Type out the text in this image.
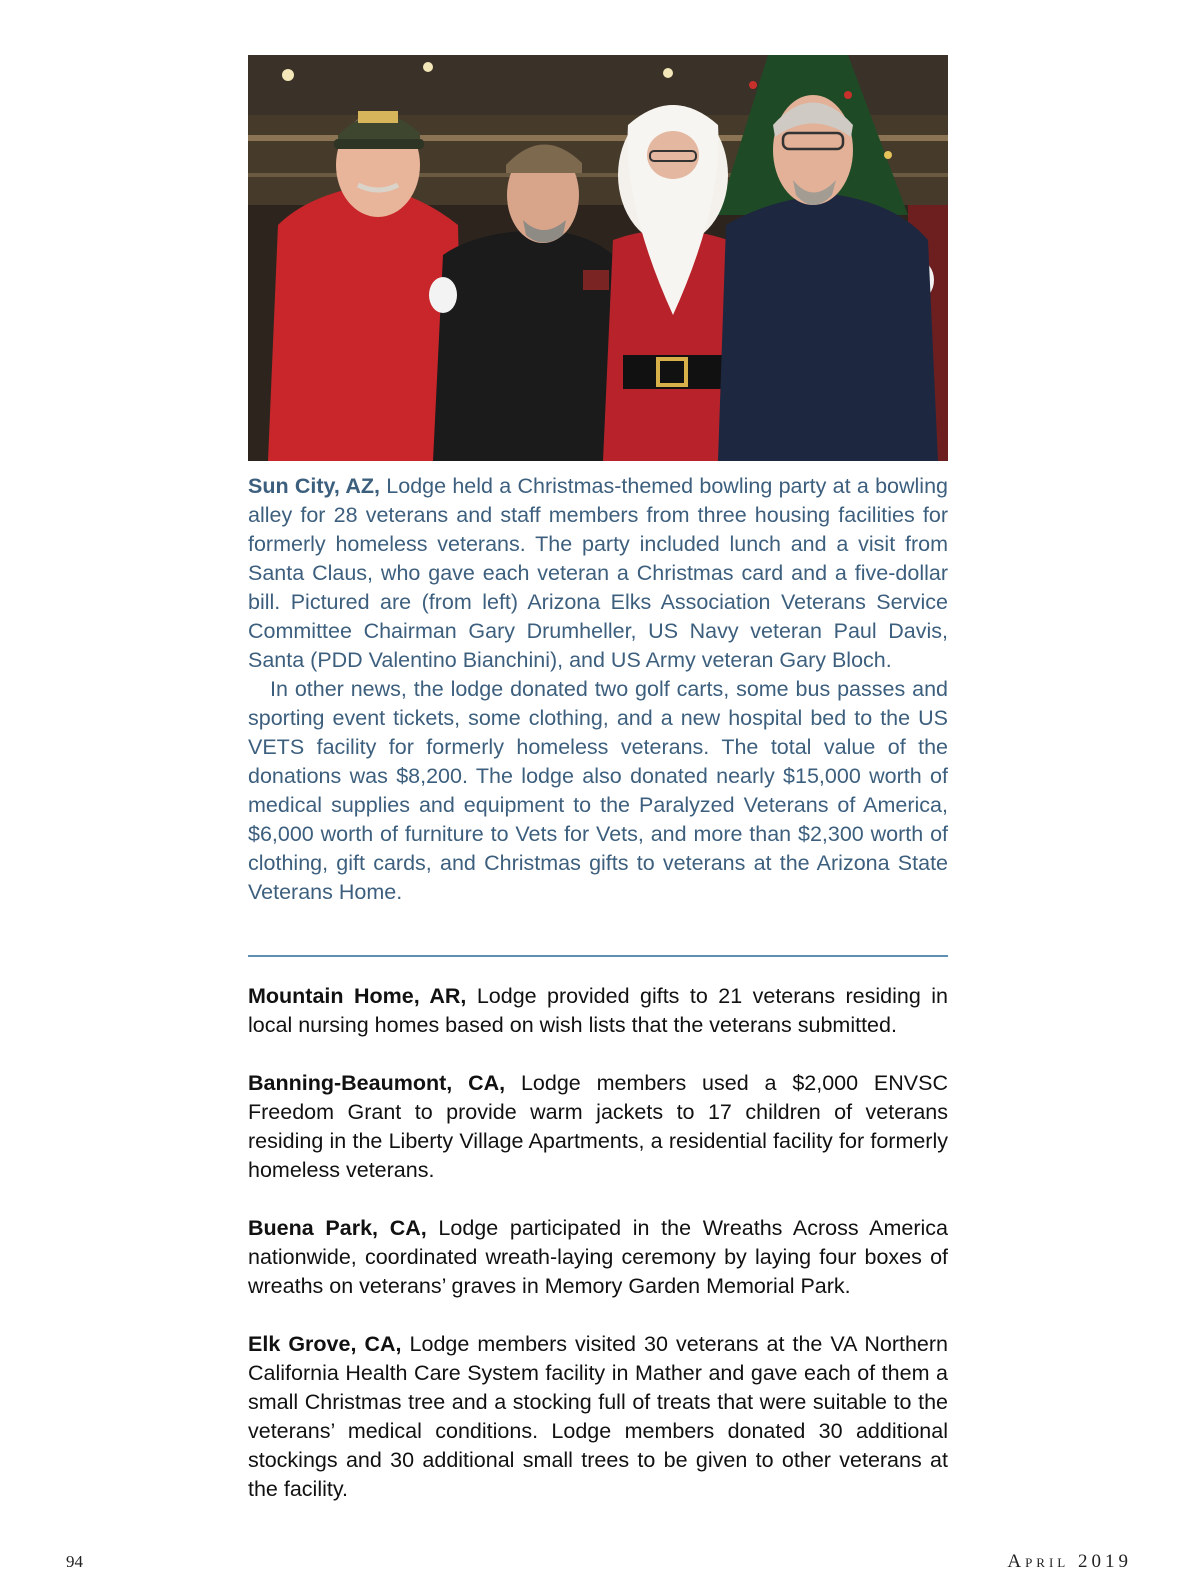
Sun City, AZ, Lodge held a Christmas-themed bowling party at a bowling alley for 28 veterans and staff members from three housing facilities for formerly homeless veterans. The party included lunch and a visit from Santa Claus, who gave each veteran a Christmas card and a five-dollar bill. Pictured are (from left) Arizona Elks Association Veterans Service Committee Chairman Gary Drumheller, US Navy veteran Paul Davis, Santa (PDD Valentino Bianchini), and US Army veteran Gary Bloch.

In other news, the lodge donated two golf carts, some bus passes and sporting event tickets, some clothing, and a new hospital bed to the US VETS facility for formerly homeless veterans. The total value of the donations was $8,200. The lodge also donated nearly $15,000 worth of medical supplies and equipment to the Paralyzed Veterans of America, $6,000 worth of furniture to Vets for Vets, and more than $2,300 worth of clothing, gift cards, and Christmas gifts to veterans at the Arizona State Veterans Home.

Mountain Home, AR, Lodge provided gifts to 21 veterans residing in local nursing homes based on wish lists that the veterans submitted.

Banning-Beaumont, CA, Lodge members used a $2,000 ENVSC Freedom Grant to provide warm jackets to 17 children of veterans residing in the Liberty Village Apartments, a residential facility for formerly homeless veterans.

Buena Park, CA, Lodge participated in the Wreaths Across America nationwide, coordinated wreath-laying ceremony by laying four boxes of wreaths on veterans’ graves in Memory Garden Memorial Park.

Elk Grove, CA, Lodge members visited 30 veterans at the VA Northern California Health Care System facility in Mather and gave each of them a small Christmas tree and a stocking full of treats that were suitable to the veterans’ medical conditions. Lodge members donated 30 additional stockings and 30 additional small trees to be given to other veterans at the facility.

94	April 2019
